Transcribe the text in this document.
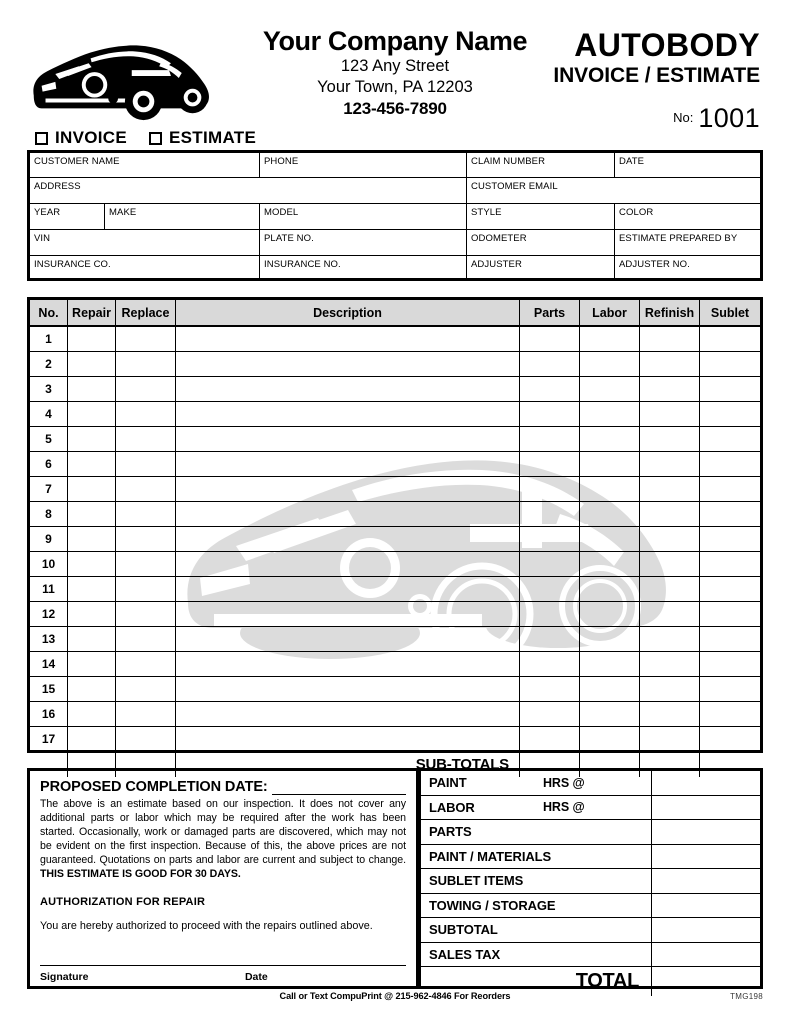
Your Company Name
123 Any Street
Your Town, PA 12203
123-456-7890
AUTOBODY
INVOICE / ESTIMATE
$^{No:}$ 1001
INVOICE ESTIMATE
CUSTOMER NAME	PHONE	CLAIM NUMBER	DATE
ADDRESS	CUSTOMER EMAIL
YEAR	MAKE	MODEL	STYLE	COLOR
VIN	PLATE NO.	ODOMETER	ESTIMATE PREPARED BY
INSURANCE CO.	INSURANCE NO.	ADJUSTER	ADJUSTER NO.
No.	Repair Replace	Description	Parts	Labor	Refinish	Sublet
1
2
3
4
5
6
7
8
9
10
11
12
13
14
15
16
17
SUB-TOTALS
PROPOSED COMPLETION DATE:
The above is an estimate based on our inspection. It does not cover any additional parts or labor which may be required after the work has been started. Occasionally, work or damaged parts are discovered, which may not be evident on the first inspection. Because of this, the above prices are not guaranteed. Quotations on parts and labor are current and subject to change. THIS ESTIMATE IS GOOD FOR 30 DAYS.
AUTHORIZATION FOR REPAIR
You are hereby authorized to proceed with the repairs outlined above.
Signature	Date
PAINT	HRS @
LABOR	HRS @
PARTS
PAINT / MATERIALS
SUBLET ITEMS
TOWING / STORAGE
SUBTOTAL
SALES TAX
TOTAL
Call or Text CompuPrint @ 215-962-4846 For Reorders	TMG198
